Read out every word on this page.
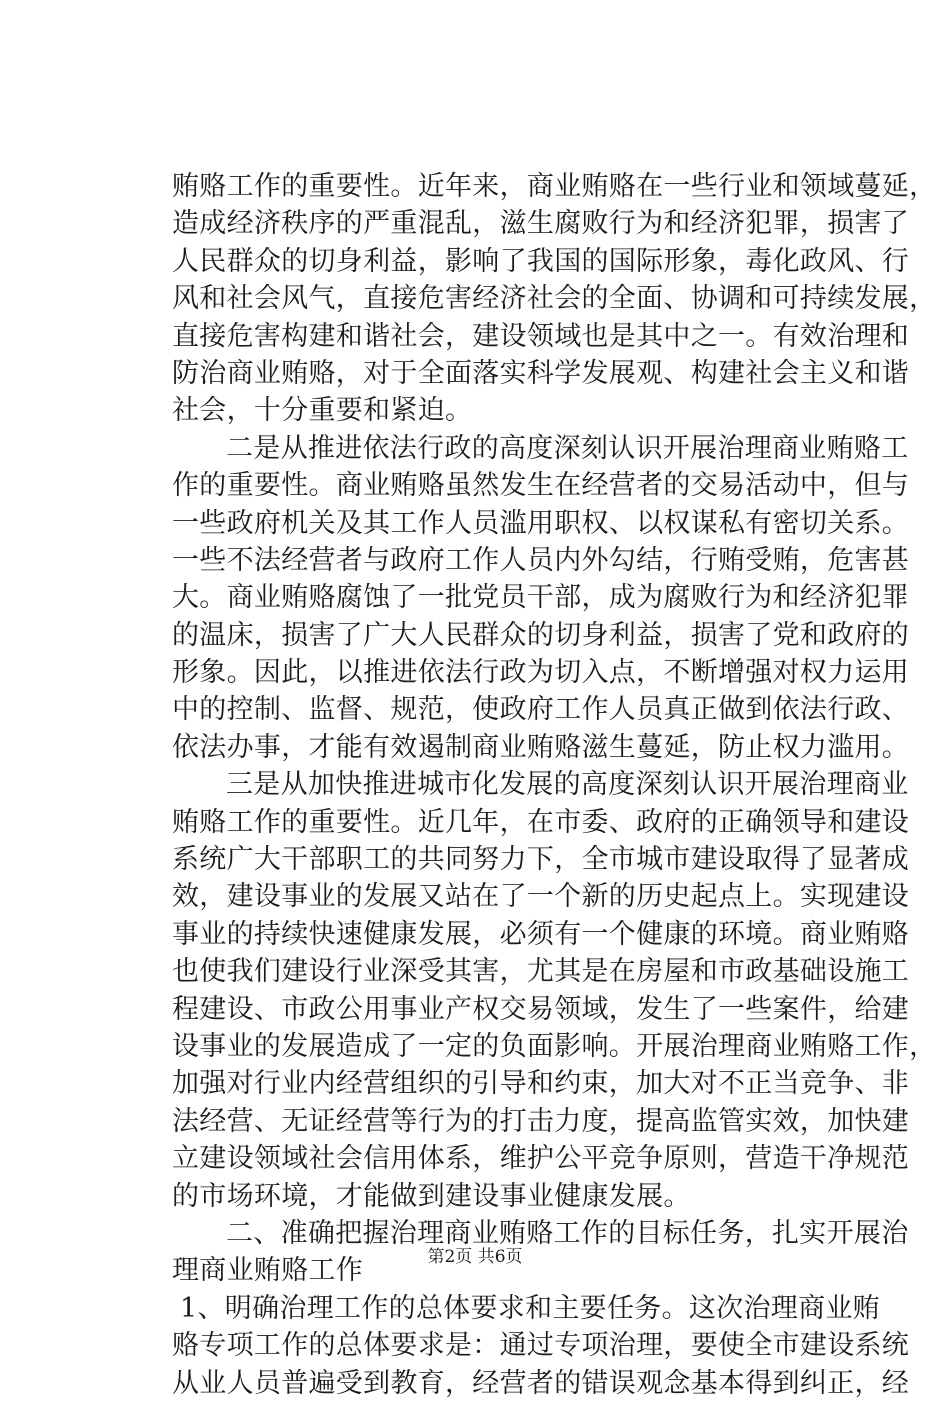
贿赂工作的重要性。近年来，商业贿赂在一些行业和领域蔓延，
造成经济秩序的严重混乱，滋生腐败行为和经济犯罪，损害了
人民群众的切身利益，影响了我国的国际形象，毒化政风、行
风和社会风气，直接危害经济社会的全面、协调和可持续发展，
直接危害构建和谐社会，建设领域也是其中之一。有效治理和
防治商业贿赂，对于全面落实科学发展观、构建社会主义和谐
社会，十分重要和紧迫。
二是从推进依法行政的高度深刻认识开展治理商业贿赂工
作的重要性。商业贿赂虽然发生在经营者的交易活动中，但与
一些政府机关及其工作人员滥用职权、以权谋私有密切关系。
一些不法经营者与政府工作人员内外勾结，行贿受贿，危害甚
大。商业贿赂腐蚀了一批党员干部，成为腐败行为和经济犯罪
的温床，损害了广大人民群众的切身利益，损害了党和政府的
形象。因此，以推进依法行政为切入点，不断增强对权力运用
中的控制、监督、规范，使政府工作人员真正做到依法行政、
依法办事，才能有效遏制商业贿赂滋生蔓延，防止权力滥用。
三是从加快推进城市化发展的高度深刻认识开展治理商业
贿赂工作的重要性。近几年，在市委、政府的正确领导和建设
系统广大干部职工的共同努力下，全市城市建设取得了显著成
效，建设事业的发展又站在了一个新的历史起点上。实现建设
事业的持续快速健康发展，必须有一个健康的环境。商业贿赂
也使我们建设行业深受其害，尤其是在房屋和市政基础设施工
程建设、市政公用事业产权交易领域，发生了一些案件，给建
设事业的发展造成了一定的负面影响。开展治理商业贿赂工作，
加强对行业内经营组织的引导和约束，加大对不正当竞争、非
法经营、无证经营等行为的打击力度，提高监管实效，加快建
立建设领域社会信用体系，维护公平竞争原则，营造干净规范
的市场环境，才能做到建设事业健康发展。
二、准确把握治理商业贿赂工作的目标任务，扎实开展治
理商业贿赂工作
1、明确治理工作的总体要求和主要任务。这次治理商业贿
赂专项工作的总体要求是：通过专项治理，要使全市建设系统
从业人员普遍受到教育，经营者的错误观念基本得到纠正，经
第2页 共6页
